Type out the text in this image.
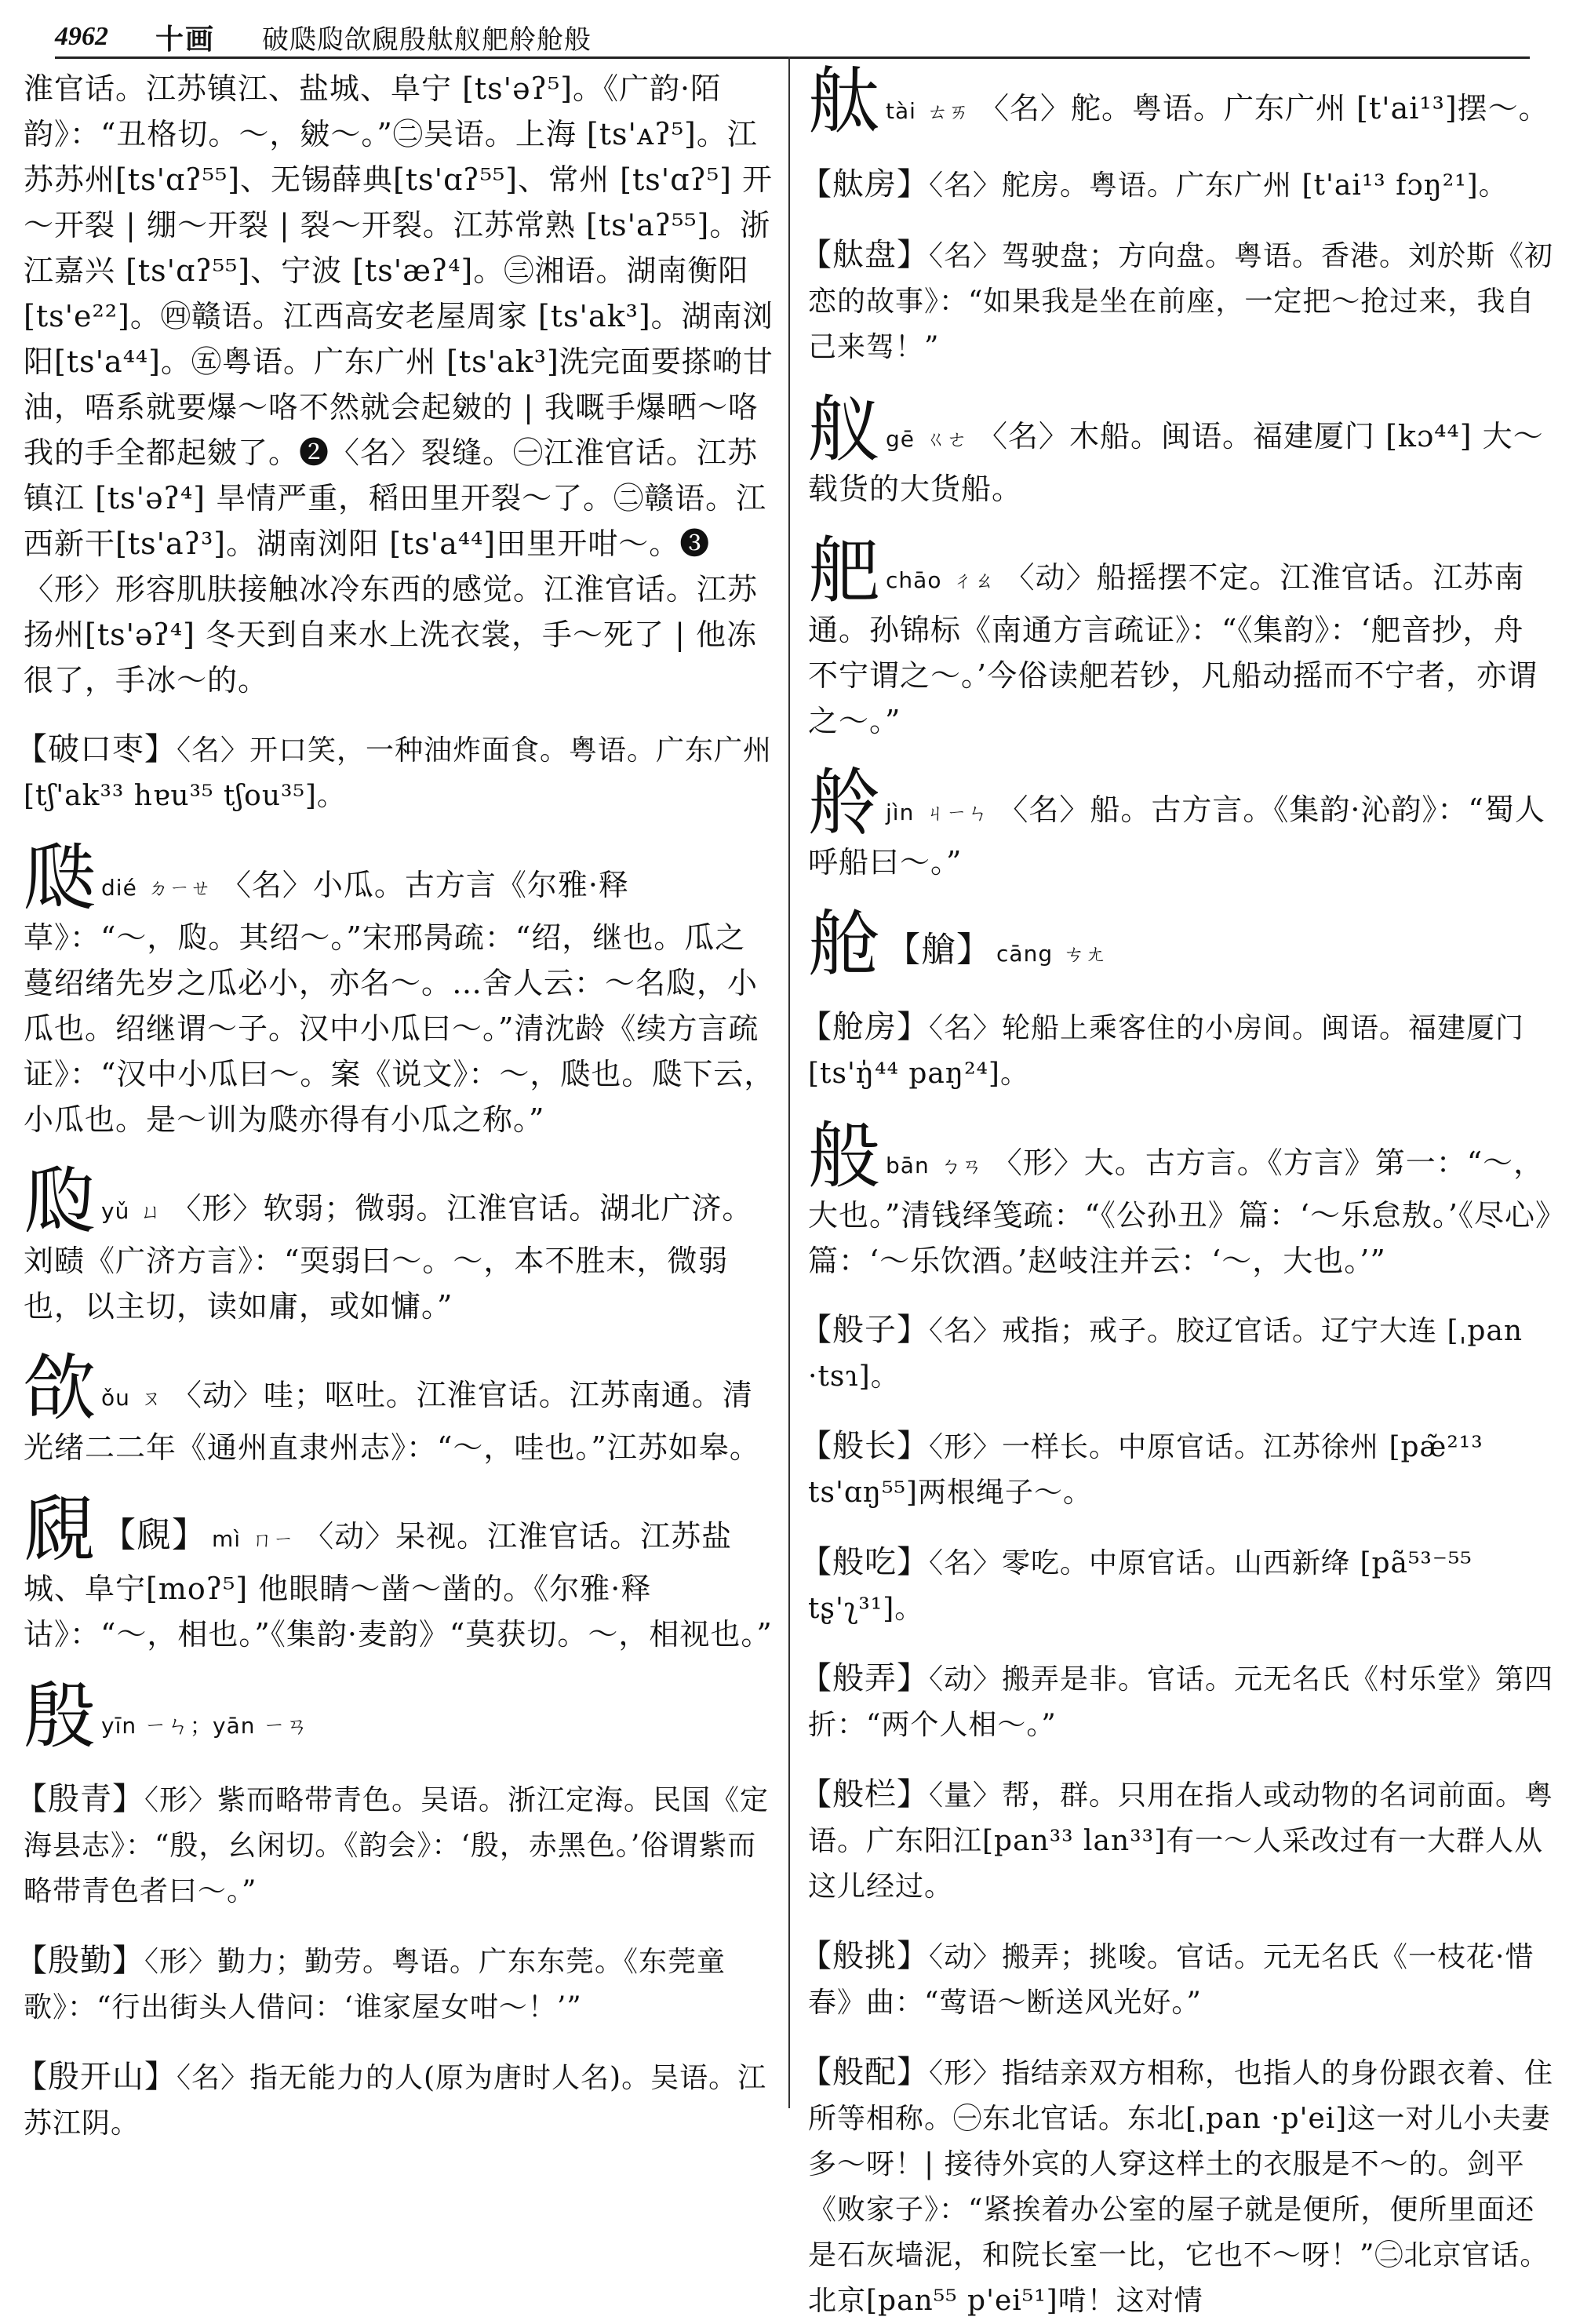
4962 十画 破瓞瓝欱覛殷舦舣舥舲舱般
淮官话。江苏镇江、盐城、阜宁 [ts'əʔ⁵]。《广韵·陌韵》：“丑格切。～，皴～。”㊁吴语。上海 [ts'ᴀʔ⁵]。江苏苏州[ts'ɑʔ⁵⁵]、无锡薛典[ts'ɑʔ⁵⁵]、常州 [ts'ɑʔ⁵] 开～开裂 | 绷～开裂 | 裂～开裂。江苏常熟 [ts'aʔ⁵⁵]。浙江嘉兴 [ts'ɑʔ⁵⁵]、宁波 [ts'æʔ⁴]。㊂湘语。湖南衡阳[ts'e²²]。㊃赣语。江西高安老屋周家 [ts'ak³]。湖南浏阳[ts'a⁴⁴]。㊄粤语。广东广州 [ts'ak³]洗完面要搽啲甘油，唔系就要爆～咯不然就会起皴的 | 我嘅手爆晒～咯我的手全都起皴了。❷〈名〉裂缝。㊀江淮官话。江苏镇江 [ts'əʔ⁴] 旱情严重，稻田里开裂～了。㊁赣语。江西新干[ts'aʔ³]。湖南浏阳 [ts'a⁴⁴]田里开咁～。❸〈形〉形容肌肤接触冰冷东西的感觉。江淮官话。江苏扬州[ts'əʔ⁴] 冬天到自来水上洗衣裳，手～死了 | 他冻很了，手冰～的。
【破口枣】〈名〉开口笑，一种油炸面食。粤语。广东广州[tʃ'ak³³ hɐu³⁵ tʃou³⁵]。
瓞dié ㄉㄧㄝ 〈名〉小瓜。古方言《尔雅·释草》：“～，瓝。其绍～。”宋邢昺疏：“绍，继也。瓜之蔓绍绪先岁之瓜必小，亦名～。…舍人云：～名瓝，小瓜也。绍继谓～子。汉中小瓜曰～。”清沈龄《续方言疏证》：“汉中小瓜曰～。案《说文》：～，瓞也。瓞下云，小瓜也。是～训为瓞亦得有小瓜之称。”
瓝yǔ ㄩ 〈形〉软弱；微弱。江淮官话。湖北广济。刘赜《广济方言》：“耎弱曰～。～，本不胜末，微弱也，以主切，读如庸，或如慵。”
欱ǒu ㄡ 〈动〉哇；呕吐。江淮官话。江苏南通。清光绪二二年《通州直隶州志》：“～，哇也。”江苏如皋。
覛 【覛】 mì ㄇㄧ 〈动〉呆视。江淮官话。江苏盐城、阜宁[moʔ⁵] 他眼睛～凿～凿的。《尔雅·释诂》：“～，相也。”《集韵·麦韵》“莫获切。～，相视也。”
殷yīn ㄧㄣ；yān ㄧㄢ
【殷青】〈形〉紫而略带青色。吴语。浙江定海。民国《定海县志》：“殷，幺闲切。《韵会》：‘殷，赤黑色。’俗谓紫而略带青色者曰～。”
【殷勤】〈形〉勤力；勤劳。粤语。广东东莞。《东莞童歌》：“行出街头人借问：‘谁家屋女咁～！’”
【殷开山】〈名〉指无能力的人(原为唐时人名)。吴语。江苏江阴。
舦tài ㄊㄞ 〈名〉舵。粤语。广东广州 [t'ai¹³]摆～。
【舦房】〈名〉舵房。粤语。广东广州 [t'ai¹³ fɔŋ²¹]。
【舦盘】〈名〉驾驶盘；方向盘。粤语。香港。刘於斯《初恋的故事》：“如果我是坐在前座，一定把～抢过来，我自己来驾！”
舣gē ㄍㄜ 〈名〉木船。闽语。福建厦门 [kɔ⁴⁴] 大～载货的大货船。
舥chāo ㄔㄠ 〈动〉船摇摆不定。江淮官话。江苏南通。孙锦标《南通方言疏证》：“《集韵》：‘舥音抄，舟不宁谓之～。’今俗读舥若钞，凡船动摇而不宁者，亦谓之～。”
舲jìn ㄐㄧㄣ 〈名〉船。古方言。《集韵·沁韵》：“蜀人呼船曰～。”
舱 【艙】 cāng ㄘㄤ
【舱房】〈名〉轮船上乘客住的小房间。闽语。福建厦门 [ts'ŋ̍⁴⁴ paŋ²⁴]。
般bān ㄅㄢ 〈形〉大。古方言。《方言》第一：“～，大也。”清钱绎笺疏：“《公孙丑》篇：‘～乐怠敖。’《尽心》篇：‘～乐饮酒。’赵岐注并云：‘～，大也。’”
【般子】〈名〉戒指；戒子。胶辽官话。辽宁大连 [ˌpan ·tsɿ]。
【般长】〈形〉一样长。中原官话。江苏徐州 [pæ̃²¹³ ts'ɑŋ⁵⁵]两根绳子～。
【般吃】〈名〉零吃。中原官话。山西新绛 [pã⁵³⁻⁵⁵ tʂ'ʅ³¹]。
【般弄】〈动〉搬弄是非。官话。元无名氏《村乐堂》第四折：“两个人相～。”
【般栏】〈量〉帮，群。只用在指人或动物的名词前面。粤语。广东阳江[pan³³ lan³³]有一～人采改过有一大群人从这儿经过。
【般挑】〈动〉搬弄；挑唆。官话。元无名氏《一枝花·惜春》曲：“莺语～断送风光好。”
【般配】〈形〉指结亲双方相称，也指人的身份跟衣着、住所等相称。㊀东北官话。东北[ˌpan ·p'ei]这一对儿小夫妻多～呀！| 接待外宾的人穿这样土的衣服是不～的。剑平《败家子》：“紧挨着办公室的屋子就是便所，便所里面还是石灰墙泥，和院长室一比，它也不～呀！”㊁北京官话。北京[pan⁵⁵ p'ei⁵¹]啃！这对情
